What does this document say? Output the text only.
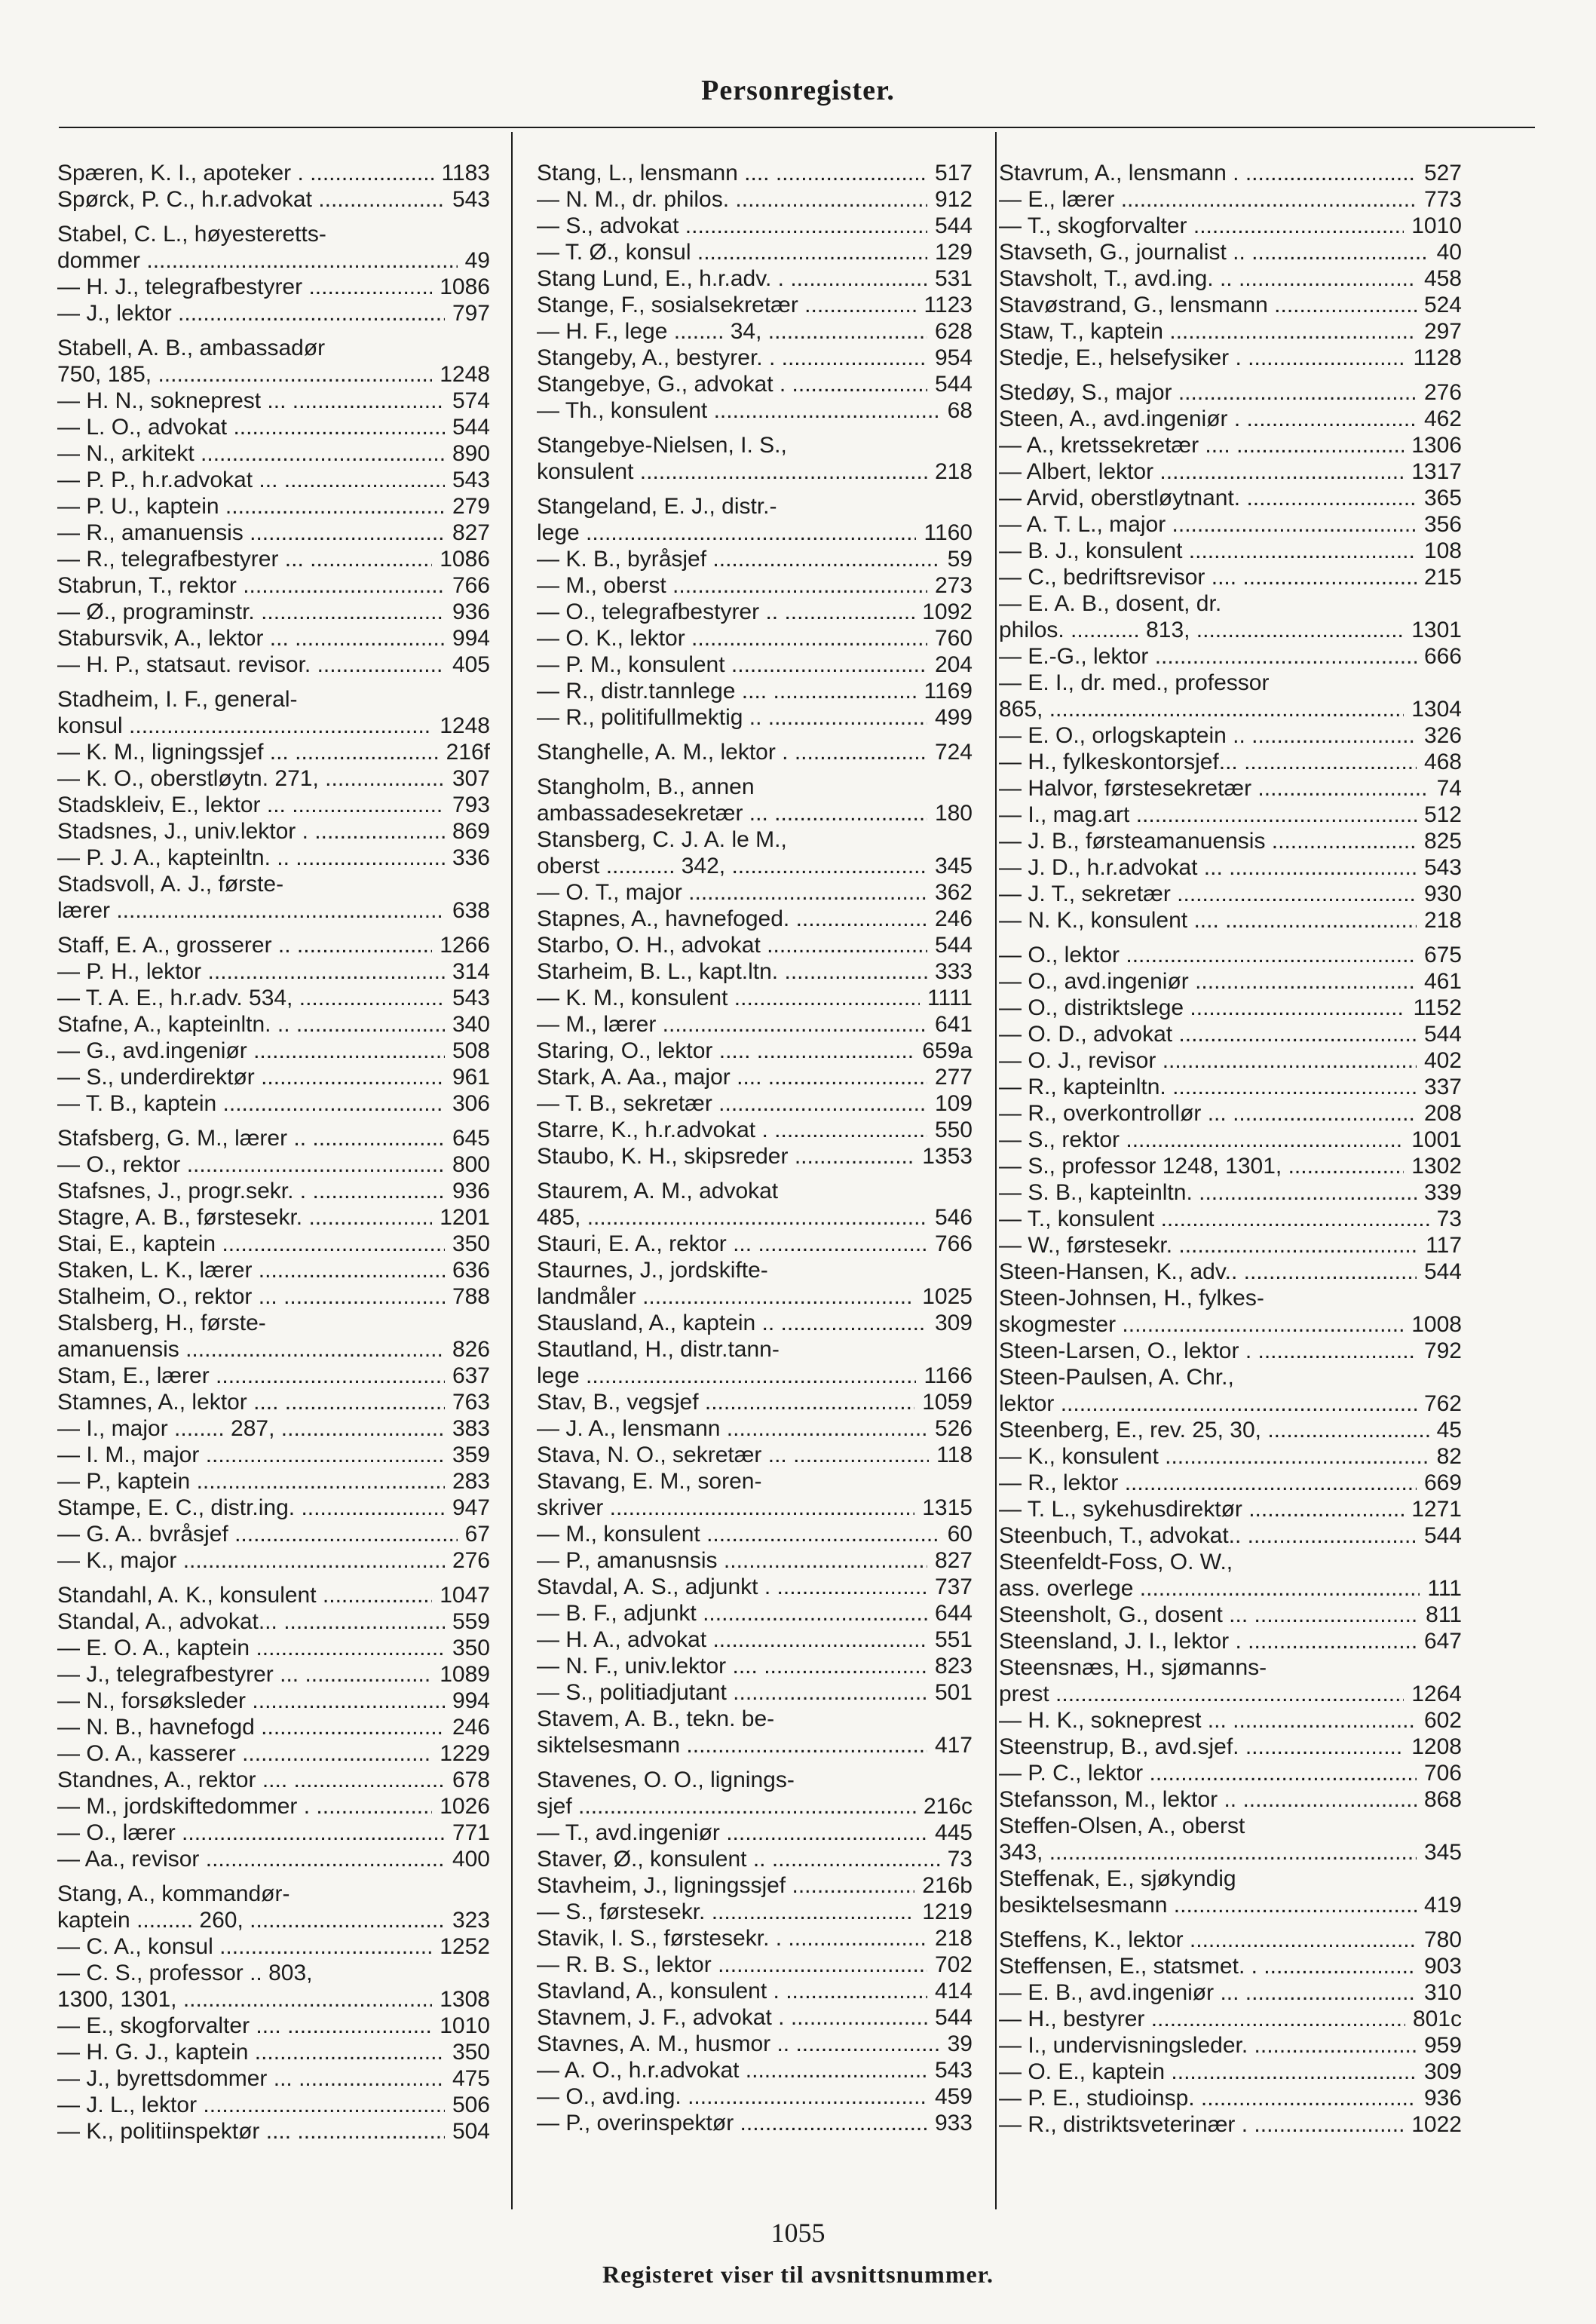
Personregister.
Spæren, K. I., apoteker . .....	1183
Spørck, P. C., h.r.advokat .....	543
Stabel, C. L., høyesteretts-
dommer .....	49
— H. J., telegrafbestyrer .....	1086
— J., lektor .....	797
Stabell, A. B., ambassadør
750, 185, .....	1248
— H. N., sokneprest ... .....	574
— L. O., advokat .....	544
— N., arkitekt .....	890
— P. P., h.r.advokat ... .....	543
— P. U., kaptein .....	279
— R., amanuensis .....	827
— R., telegrafbestyrer ... .....	1086
Stabrun, T., rektor .....	766
— Ø., programinstr. .....	936
Stabursvik, A., lektor ... .....	994
— H. P., statsaut. revisor. .....	405
Stadheim, I. F., general-
konsul .....	1248
— K. M., ligningssjef ... .....	216f
— K. O., oberstløytn. 271, .....	307
Stadskleiv, E., lektor ... .....	793
Stadsnes, J., univ.lektor . .....	869
— P. J. A., kapteinltn. .. .....	336
Stadsvoll, A. J., første-
lærer .....	638
Staff, E. A., grosserer .. .....	1266
— P. H., lektor .....	314
— T. A. E., h.r.adv. 534, .....	543
Stafne, A., kapteinltn. .. .....	340
— G., avd.ingeniør .....	508
— S., underdirektør .....	961
— T. B., kaptein .....	306
Stafsberg, G. M., lærer .. .....	645
— O., rektor .....	800
Stafsnes, J., progr.sekr. . .....	936
Stagre, A. B., førstesekr. .....	1201
Stai, E., kaptein .....	350
Staken, L. K., lærer .....	636
Stalheim, O., rektor ... .....	788
Stalsberg, H., første-
amanuensis .....	826
Stam, E., lærer .....	637
Stamnes, A., lektor .... .....	763
— I., major ........ 287, .....	383
— I. M., major .....	359
— P., kaptein .....	283
Stampe, E. C., distr.ing. .....	947
— G. A.. bvråsjef .....	67
— K., major .....	276
Standahl, A. K., konsulent .....	1047
Standal, A., advokat... .....	559
— E. O. A., kaptein .....	350
— J., telegrafbestyrer ... .....	1089
— N., forsøksleder .....	994
— N. B., havnefogd .....	246
— O. A., kasserer .....	1229
Standnes, A., rektor .... .....	678
— M., jordskiftedommer . .....	1026
— O., lærer .....	771
— Aa., revisor .....	400
Stang, A., kommandør-
kaptein ......... 260, .....	323
— C. A., konsul .....	1252
— C. S., professor .. 803,
1300, 1301, .....	1308
— E., skogforvalter .... .....	1010
— H. G. J., kaptein .....	350
— J., byrettsdommer ... .....	475
— J. L., lektor .....	506
— K., politiinspektør .... .....	504
Stang, L., lensmann .... .....	517
— N. M., dr. philos. .....	912
— S., advokat .....	544
— T. Ø., konsul .....	129
Stang Lund, E., h.r.adv. . .....	531
Stange, F., sosialsekretær .....	1123
— H. F., lege ........ 34, .....	628
Stangeby, A., bestyrer. . .....	954
Stangebye, G., advokat . .....	544
— Th., konsulent .....	68
Stangebye-Nielsen, I. S.,
konsulent .....	218
Stangeland, E. J., distr.-
lege .....	1160
— K. B., byråsjef .....	59
— M., oberst .....	273
— O., telegrafbestyrer .. .....	1092
— O. K., lektor .....	760
— P. M., konsulent .....	204
— R., distr.tannlege .... .....	1169
— R., politifullmektig .. .....	499
Stanghelle, A. M., lektor . .....	724
Stangholm, B., annen
ambassadesekretær ... .....	180
Stansberg, C. J. A. le M.,
oberst ........... 342, .....	345
— O. T., major .....	362
Stapnes, A., havnefoged. .....	246
Starbo, O. H., advokat .....	544
Starheim, B. L., kapt.ltn. .....	333
— K. M., konsulent .....	1111
— M., lærer .....	641
Staring, O., lektor ..... .....	659a
Stark, A. Aa., major .... .....	277
— T. B., sekretær .....	109
Starre, K., h.r.advokat . .....	550
Staubo, K. H., skipsreder .....	1353
Staurem, A. M., advokat
485, .....	546
Stauri, E. A., rektor ... .....	766
Staurnes, J., jordskifte-
landmåler .....	1025
Stausland, A., kaptein .. .....	309
Stautland, H., distr.tann-
lege .....	1166
Stav, B., vegsjef .....	1059
— J. A., lensmann .....	526
Stava, N. O., sekretær ... .....	118
Stavang, E. M., soren-
skriver .....	1315
— M., konsulent .....	60
— P., amanusnsis .....	827
Stavdal, A. S., adjunkt . .....	737
— B. F., adjunkt .....	644
— H. A., advokat .....	551
— N. F., univ.lektor .... .....	823
— S., politiadjutant .....	501
Stavem, A. B., tekn. be-
siktelsesmann .....	417
Stavenes, O. O., lignings-
sjef .....	216c
— T., avd.ingeniør .....	445
Staver, Ø., konsulent .. .....	73
Stavheim, J., ligningssjef .....	216b
— S., førstesekr. .....	1219
Stavik, I. S., førstesekr. . .....	218
— R. B. S., lektor .....	702
Stavland, A., konsulent . .....	414
Stavnem, J. F., advokat . .....	544
Stavnes, A. M., husmor .. .....	39
— A. O., h.r.advokat .....	543
— O., avd.ing. .....	459
— P., overinspektør .....	933
Stavrum, A., lensmann . .....	527
— E., lærer .....	773
— T., skogforvalter .....	1010
Stavseth, G., journalist .. .....	40
Stavsholt, T., avd.ing. .. .....	458
Stavøstrand, G., lensmann .....	524
Staw, T., kaptein .....	297
Stedje, E., helsefysiker . .....	1128
Stedøy, S., major .....	276
Steen, A., avd.ingeniør . .....	462
— A., kretssekretær .... .....	1306
— Albert, lektor .....	1317
— Arvid, oberstløytnant. .....	365
— A. T. L., major .....	356
— B. J., konsulent .....	108
— C., bedriftsrevisor .... .....	215
— E. A. B., dosent, dr.
philos. ........... 813, .....	1301
— E.-G., lektor .....	666
— E. I., dr. med., professor
865, .....	1304
— E. O., orlogskaptein .. .....	326
— H., fylkeskontorsjef... .....	468
— Halvor, førstesekretær .....	74
— I., mag.art .....	512
— J. B., førsteamanuensis .....	825
— J. D., h.r.advokat ... .....	543
— J. T., sekretær .....	930
— N. K., konsulent .... .....	218
— O., lektor .....	675
— O., avd.ingeniør .....	461
— O., distriktslege .....	1152
— O. D., advokat .....	544
— O. J., revisor .....	402
— R., kapteinltn. .....	337
— R., overkontrollør ... .....	208
— S., rektor .....	1001
— S., professor 1248, 1301, .....	1302
— S. B., kapteinltn. .....	339
— T., konsulent .....	73
— W., førstesekr. .....	117
Steen-Hansen, K., adv.. .....	544
Steen-Johnsen, H., fylkes-
skogmester .....	1008
Steen-Larsen, O., lektor . .....	792
Steen-Paulsen, A. Chr.,
lektor .....	762
Steenberg, E., rev. 25, 30, .....	45
— K., konsulent .....	82
— R., lektor .....	669
— T. L., sykehusdirektør .....	1271
Steenbuch, T., advokat.. .....	544
Steenfeldt-Foss, O. W.,
ass. overlege .....	111
Steensholt, G., dosent ... .....	811
Steensland, J. I., lektor . .....	647
Steensnæs, H., sjømanns-
prest .....	1264
— H. K., sokneprest ... .....	602
Steenstrup, B., avd.sjef. .....	1208
— P. C., lektor .....	706
Stefansson, M., lektor .. .....	868
Steffen-Olsen, A., oberst
343, .....	345
Steffenak, E., sjøkyndig
besiktelsesmann .....	419
Steffens, K., lektor .....	780
Steffensen, E., statsmet. . .....	903
— E. B., avd.ingeniør ... .....	310
— H., bestyrer .....	801c
— I., undervisningsleder. .....	959
— O. E., kaptein .....	309
— P. E., studioinsp. .....	936
— R., distriktsveterinær . .....	1022
1055
Registeret viser til avsnittsnummer.
